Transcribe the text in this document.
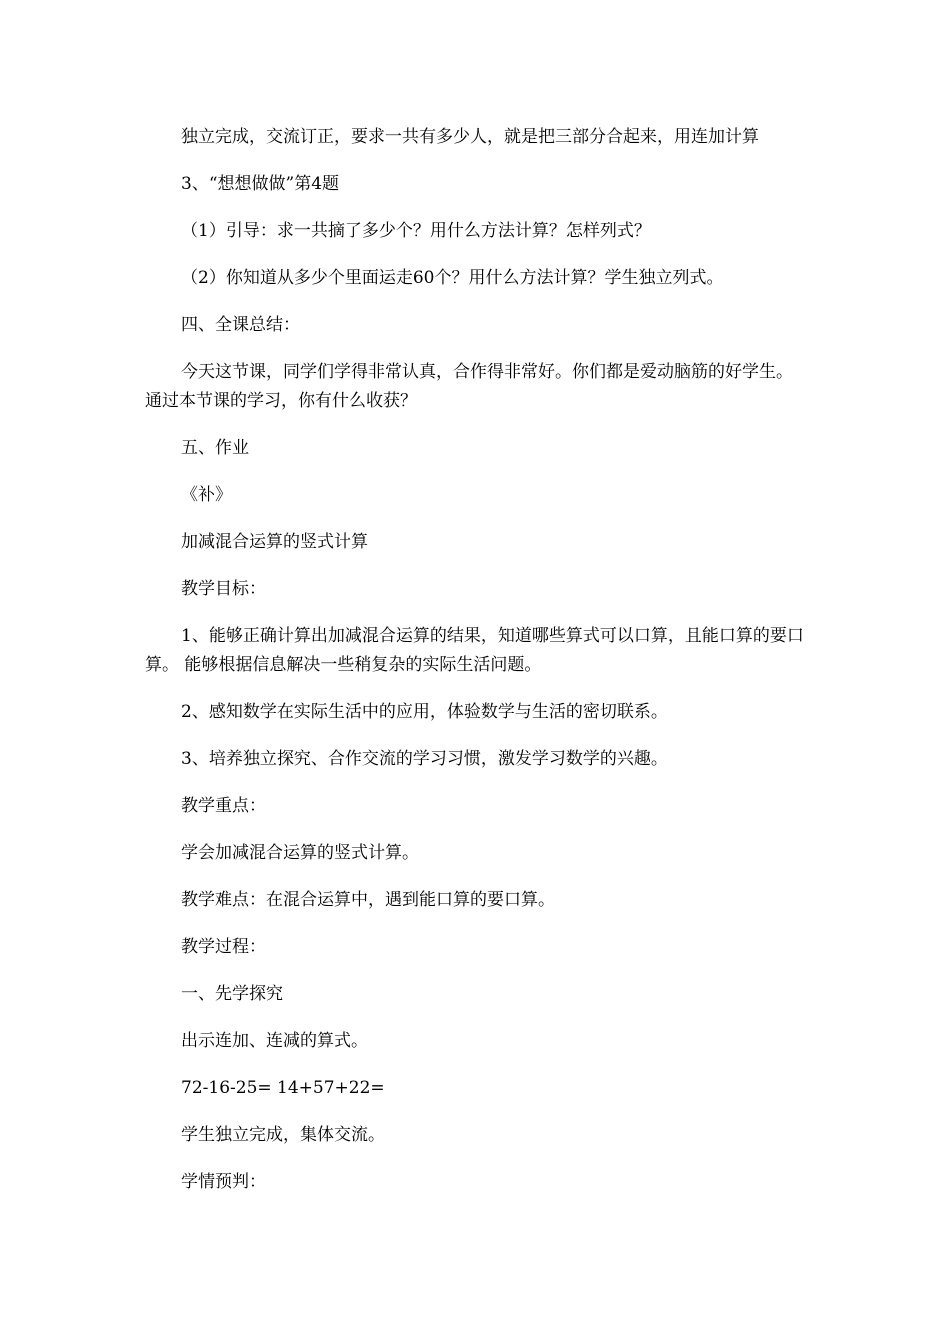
独立完成，交流订正，要求一共有多少人，就是把三部分合起来，用连加计算

3、“想想做做”第4题

（1）引导：求一共摘了多少个？用什么方法计算？怎样列式？

（2）你知道从多少个里面运走60个？用什么方法计算？学生独立列式。

四、全课总结：

今天这节课，同学们学得非常认真，合作得非常好。你们都是爱动脑筋的好学生。 通过本节课的学习，你有什么收获？

五、作业

《补》

加减混合运算的竖式计算

教学目标：

1、能够正确计算出加减混合运算的结果，知道哪些算式可以口算，且能口算的要口算。 能够根据信息解决一些稍复杂的实际生活问题。

2、感知数学在实际生活中的应用，体验数学与生活的密切联系。

3、培养独立探究、合作交流的学习习惯，激发学习数学的兴趣。

教学重点：

学会加减混合运算的竖式计算。

教学难点：在混合运算中，遇到能口算的要口算。

教学过程：

一、先学探究

出示连加、连减的算式。

72-16-25= 14+57+22=

学生独立完成，集体交流。

学情预判：
